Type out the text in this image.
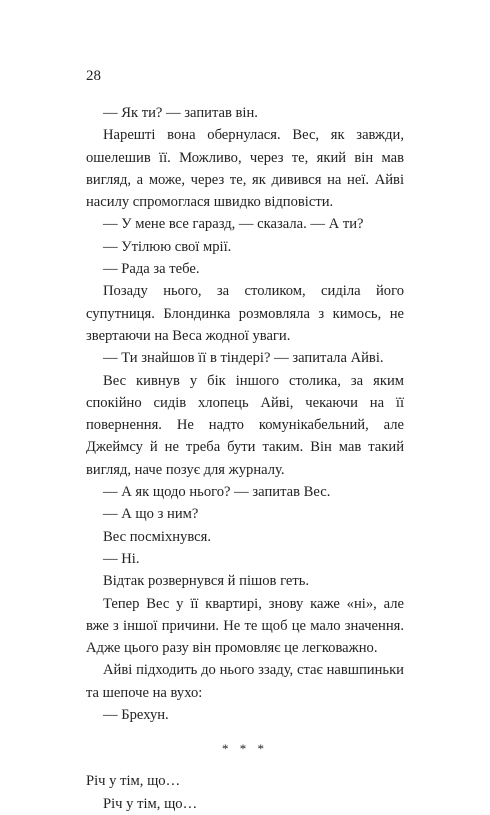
28

— Як ти? — запитав він.

Нарешті вона обернулася. Вес, як завжди, ошелешив її. Можливо, через те, який він мав вигляд, а може, через те, як дивився на неї. Айві насилу спромоглася швидко відповісти.

— У мене все гаразд, — сказала. — А ти?

— Утілюю свої мрії.

— Рада за тебе.

Позаду нього, за столиком, сиділа його супутниця. Блондинка розмовляла з кимось, не звертаючи на Веса жодної уваги.

— Ти знайшов її в тіндері? — запитала Айві.

Вес кивнув у бік іншого столика, за яким спокійно сидів хлопець Айві, чекаючи на її повернення. Не надто комунікабельний, але Джеймсу й не треба бути таким. Він мав такий вигляд, наче позує для журналу.

— А як щодо нього? — запитав Вес.

— А що з ним?

Вес посміхнувся.

— Ні.

Відтак розвернувся й пішов геть.

Тепер Вес у її квартирі, знову каже «ні», але вже з іншої причини. Не те щоб це мало значення. Адже цього разу він промовляє це легковажно.

Айві підходить до нього ззаду, стає навшпиньки та шепоче на вухо:

— Брехун.

* * *

Річ у тім, що…

Річ у тім, що…
